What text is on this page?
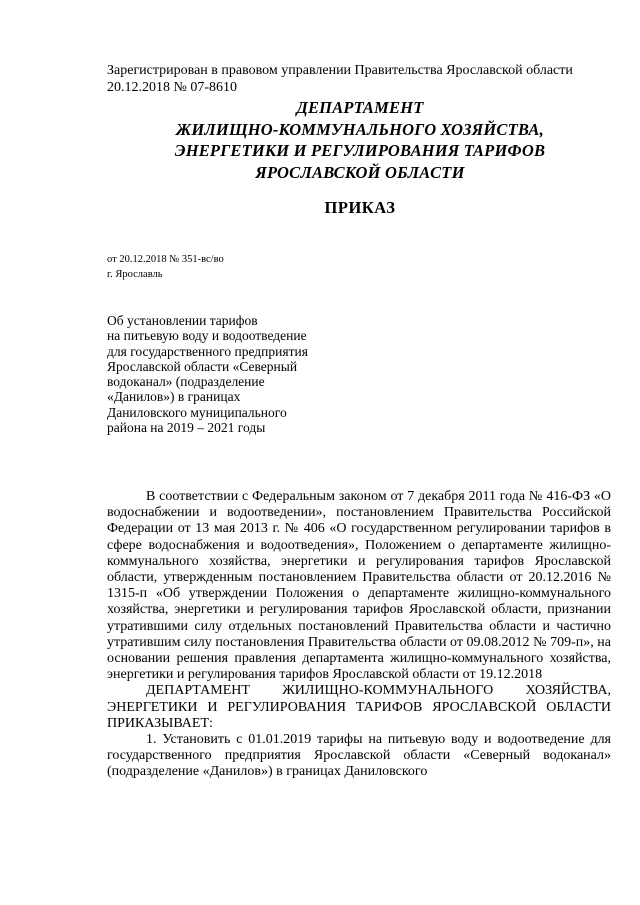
Зарегистрирован в правовом управлении Правительства Ярославской области
20.12.2018 № 07-8610
ДЕПАРТАМЕНТ
ЖИЛИЩНО-КОММУНАЛЬНОГО ХОЗЯЙСТВА,
ЭНЕРГЕТИКИ И РЕГУЛИРОВАНИЯ ТАРИФОВ
ЯРОСЛАВСКОЙ ОБЛАСТИ
ПРИКАЗ
от 20.12.2018 № 351-вс/во
г. Ярославль
Об установлении тарифов
на питьевую воду и водоотведение
для государственного предприятия
Ярославской области «Северный
водоканал» (подразделение
«Данилов») в границах
Даниловского муниципального
района на 2019 – 2021 годы

В соответствии с Федеральным законом от 7 декабря 2011 года № 416-ФЗ «О водоснабжении и водоотведении», постановлением Правительства Российской Федерации от 13 мая 2013 г. № 406 «О государственном регулировании тарифов в сфере водоснабжения и водоотведения», Положением о департаменте жилищно-коммунального хозяйства, энергетики и регулирования тарифов Ярославской области, утвержденным постановлением Правительства области от 20.12.2016 № 1315-п «Об утверждении Положения о департаменте жилищно-коммунального хозяйства, энергетики и регулирования тарифов Ярославской области, признании утратившими силу отдельных постановлений Правительства области и частично утратившим силу постановления Правительства области от 09.08.2012 № 709-п», на основании решения правления департамента жилищно-коммунального хозяйства, энергетики и регулирования тарифов Ярославской области от 19.12.2018

ДЕПАРТАМЕНТ ЖИЛИЩНО-КОММУНАЛЬНОГО ХОЗЯЙСТВА, ЭНЕРГЕТИКИ И РЕГУЛИРОВАНИЯ ТАРИФОВ ЯРОСЛАВСКОЙ ОБЛАСТИ ПРИКАЗЫВАЕТ:

1. Установить с 01.01.2019 тарифы на питьевую воду и водоотведение для государственного предприятия Ярославской области «Северный водоканал» (подразделение «Данилов») в границах Даниловского
